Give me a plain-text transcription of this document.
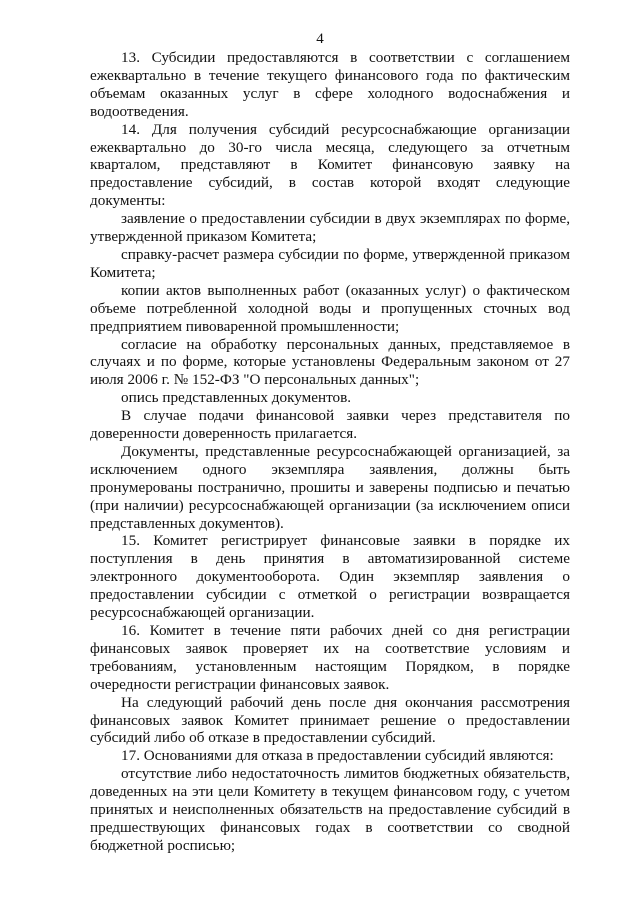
4

13. Субсидии предоставляются в соответствии с соглашением ежеквартально в течение текущего финансового года по фактическим объемам оказанных услуг в сфере холодного водоснабжения и водоотведения.

14. Для получения субсидий ресурсоснабжающие организации ежеквартально до 30-го числа месяца, следующего за отчетным кварталом, представляют в Комитет финансовую заявку на предоставление субсидий, в состав которой входят следующие документы:

заявление о предоставлении субсидии в двух экземплярах по форме, утвержденной приказом Комитета;

справку-расчет размера субсидии по форме, утвержденной приказом Комитета;

копии актов выполненных работ (оказанных услуг) о фактическом объеме потребленной холодной воды и пропущенных сточных вод предприятием пивоваренной промышленности;

согласие на обработку персональных данных, представляемое в случаях и по форме, которые установлены Федеральным законом от 27 июля 2006 г. № 152-ФЗ "О персональных данных";

опись представленных документов.

В случае подачи финансовой заявки через представителя по доверенности доверенность прилагается.

Документы, представленные ресурсоснабжающей организацией, за исключением одного экземпляра заявления, должны быть пронумерованы постранично, прошиты и заверены подписью и печатью (при наличии) ресурсоснабжающей организации (за исключением описи представленных документов).

15. Комитет регистрирует финансовые заявки в порядке их поступления в день принятия в автоматизированной системе электронного документооборота. Один экземпляр заявления о предоставлении субсидии с отметкой о регистрации возвращается ресурсоснабжающей организации.

16. Комитет в течение пяти рабочих дней со дня регистрации финансовых заявок проверяет их на соответствие условиям и требованиям, установленным настоящим Порядком, в порядке очередности регистрации финансовых заявок.

На следующий рабочий день после дня окончания рассмотрения финансовых заявок Комитет принимает решение о предоставлении субсидий либо об отказе в предоставлении субсидий.

17. Основаниями для отказа в предоставлении субсидий являются:

отсутствие либо недостаточность лимитов бюджетных обязательств, доведенных на эти цели Комитету в текущем финансовом году, с учетом принятых и неисполненных обязательств на предоставление субсидий в предшествующих финансовых годах в соответствии со сводной бюджетной росписью;
